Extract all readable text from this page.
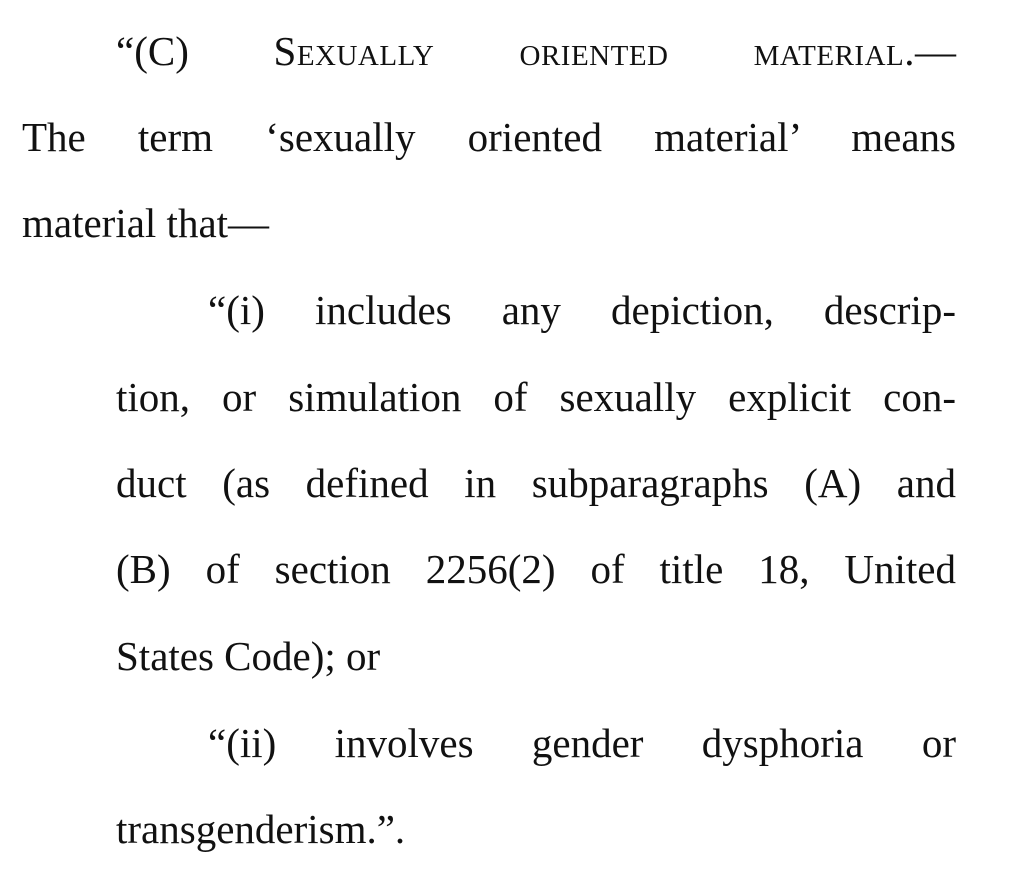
“(C) Sexually oriented material.—
The term ‘sexually oriented material’ means
material that—
“(i) includes any depiction, descrip-
tion, or simulation of sexually explicit con-
duct (as defined in subparagraphs (A) and
(B) of section 2256(2) of title 18, United
States Code); or
“(ii) involves gender dysphoria or
transgenderism.”.
